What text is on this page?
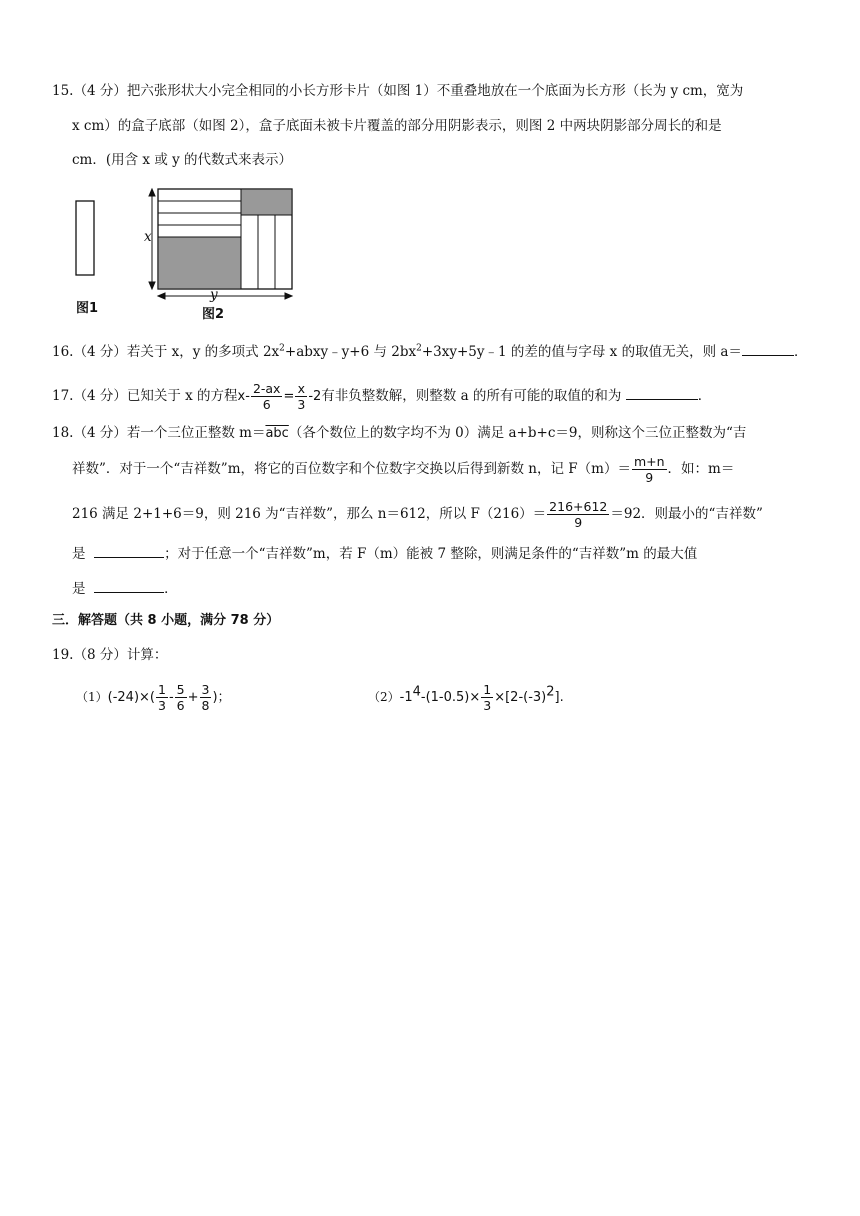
15.（4 分）把六张形状大小完全相同的小长方形卡片（如图 1）不重叠地放在一个底面为长方形（长为 y cm，宽为
x cm）的盒子底部（如图 2），盒子底面未被卡片覆盖的部分用阴影表示，则图 2 中两块阴影部分周长的和是
cm．(用含 x 或 y 的代数式来表示）
x
y
图1	图2
16.（4 分）若关于 x，y 的多项式 $2x^2+abxy﹣y+6$ 与 $2bx^2+3xy+5y﹣1$ 的差的值与字母 x 的取值无关，则 a＝	．
17.（4 分）已知关于 x 的方程$x- \frac{2-ax}{6} = \frac{x}{3} -2$有非负整数解，则整数 a 的所有可能的取值的和为	．
18.（4 分）若一个三位正整数 $m=\overline{abc}$（各个数位上的数字均不为 0）满足 a+b+c＝9，则称这个三位正整数为“吉
祥数”．对于一个“吉祥数”m，将它的百位数字和个位数字交换以后得到新数 n，记 $F(m)= \frac{m+n}{9}$ ．如：m＝
216 满足 2+1+6＝9，则 216 为“吉祥数”，那么 n＝612，所以 $F(216)= \frac{216+612}{9} =92$．则最小的“吉祥数”
是	；对于任意一个“吉祥数”m，若 F（m）能被 7 整除，则满足条件的“吉祥数”m 的最大值
是	．
三．解答题（共 8 小题，满分 78 分）
19.（8 分）计算：
$(1)(-24)\times( \frac{1}{3} - \frac{5}{6} + \frac{3}{8}$ )；	$(2)-1^4-(1-0.5)\times \frac{1}{3} \times[2-(-3)^2]$.
